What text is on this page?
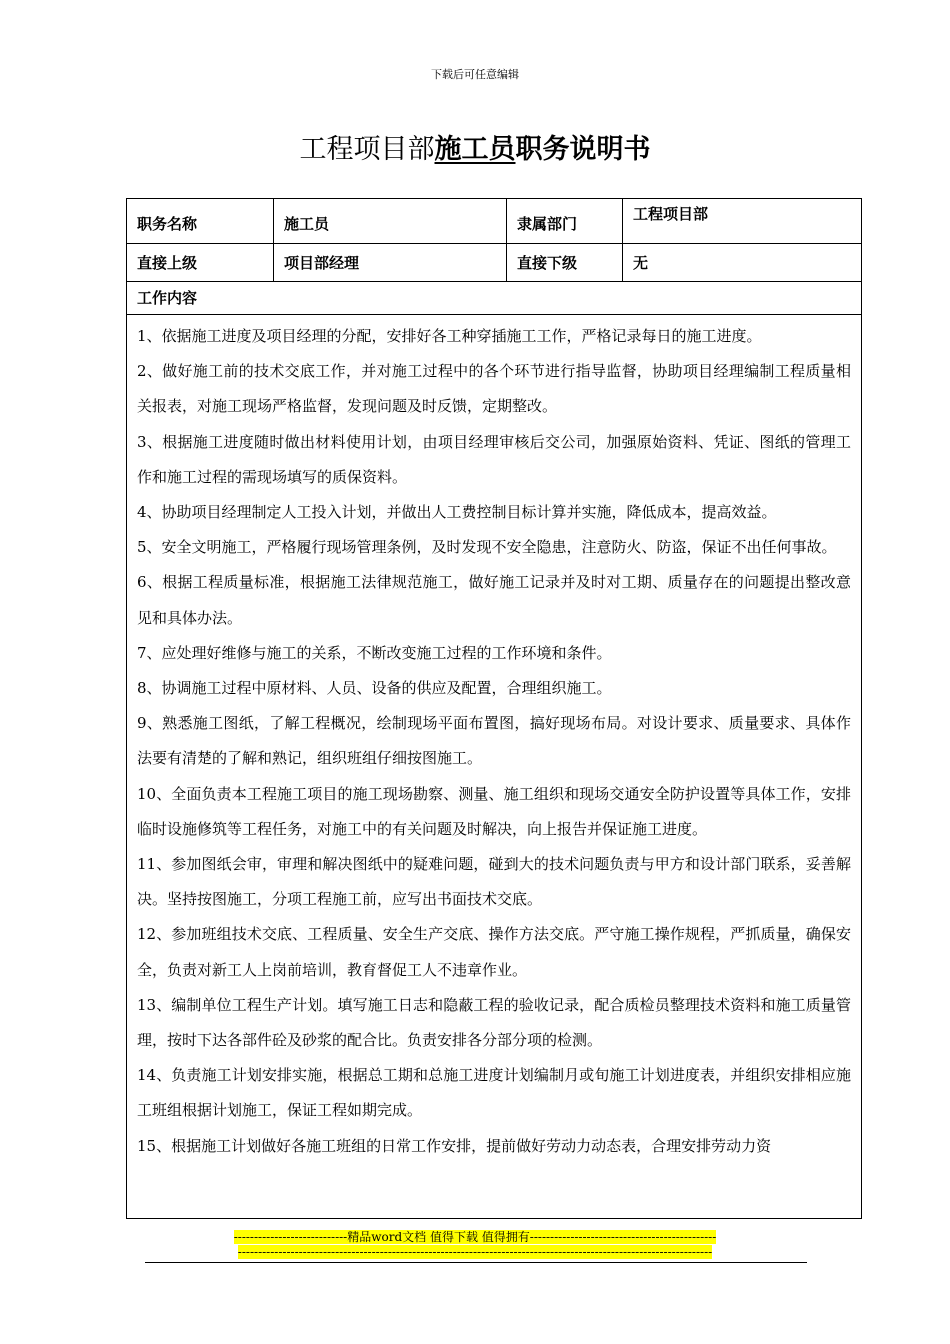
下载后可任意编辑
工程项目部施工员职务说明书
职务名称	施工员	隶属部门	工程项目部
直接上级	项目部经理	直接下级	无
工作内容

1、依据施工进度及项目经理的分配，安排好各工种穿插施工工作，严格记录每日的施工进度。

2、做好施工前的技术交底工作，并对施工过程中的各个环节进行指导监督，协助项目经理编制工程质量相关报表，对施工现场严格监督，发现问题及时反馈，定期整改。

3、根据施工进度随时做出材料使用计划，由项目经理审核后交公司，加强原始资料、凭证、图纸的管理工作和施工过程的需现场填写的质保资料。

4、协助项目经理制定人工投入计划，并做出人工费控制目标计算并实施，降低成本，提高效益。

5、安全文明施工，严格履行现场管理条例，及时发现不安全隐患，注意防火、防盗，保证不出任何事故。

6、根据工程质量标准，根据施工法律规范施工，做好施工记录并及时对工期、质量存在的问题提出整改意见和具体办法。

7、应处理好维修与施工的关系，不断改变施工过程的工作环境和条件。

8、协调施工过程中原材料、人员、设备的供应及配置，合理组织施工。

9、熟悉施工图纸，了解工程概况，绘制现场平面布置图，搞好现场布局。对设计要求、质量要求、具体作法要有清楚的了解和熟记，组织班组仔细按图施工。

10、全面负责本工程施工项目的施工现场勘察、测量、施工组织和现场交通安全防护设置等具体工作，安排临时设施修筑等工程任务，对施工中的有关问题及时解决，向上报告并保证施工进度。

11、参加图纸会审，审理和解决图纸中的疑难问题，碰到大的技术问题负责与甲方和设计部门联系，妥善解决。坚持按图施工，分项工程施工前，应写出书面技术交底。

12、参加班组技术交底、工程质量、安全生产交底、操作方法交底。严守施工操作规程，严抓质量，确保安全，负责对新工人上岗前培训，教育督促工人不违章作业。

13、编制单位工程生产计划。填写施工日志和隐蔽工程的验收记录，配合质检员整理技术资料和施工质量管理，按时下达各部件砼及砂浆的配合比。负责安排各分部分项的检测。

14、负责施工计划安排实施，根据总工期和总施工进度计划编制月或旬施工计划进度表，并组织安排相应施工班组根据计划施工，保证工程如期完成。

15、根据施工计划做好各施工班组的日常工作安排，提前做好劳动力动态表，合理安排劳动力资

----------------------------精品word文档 值得下载 值得拥有----------------------------------------------
---------------------------------------------------------------------------------------------------------------------
